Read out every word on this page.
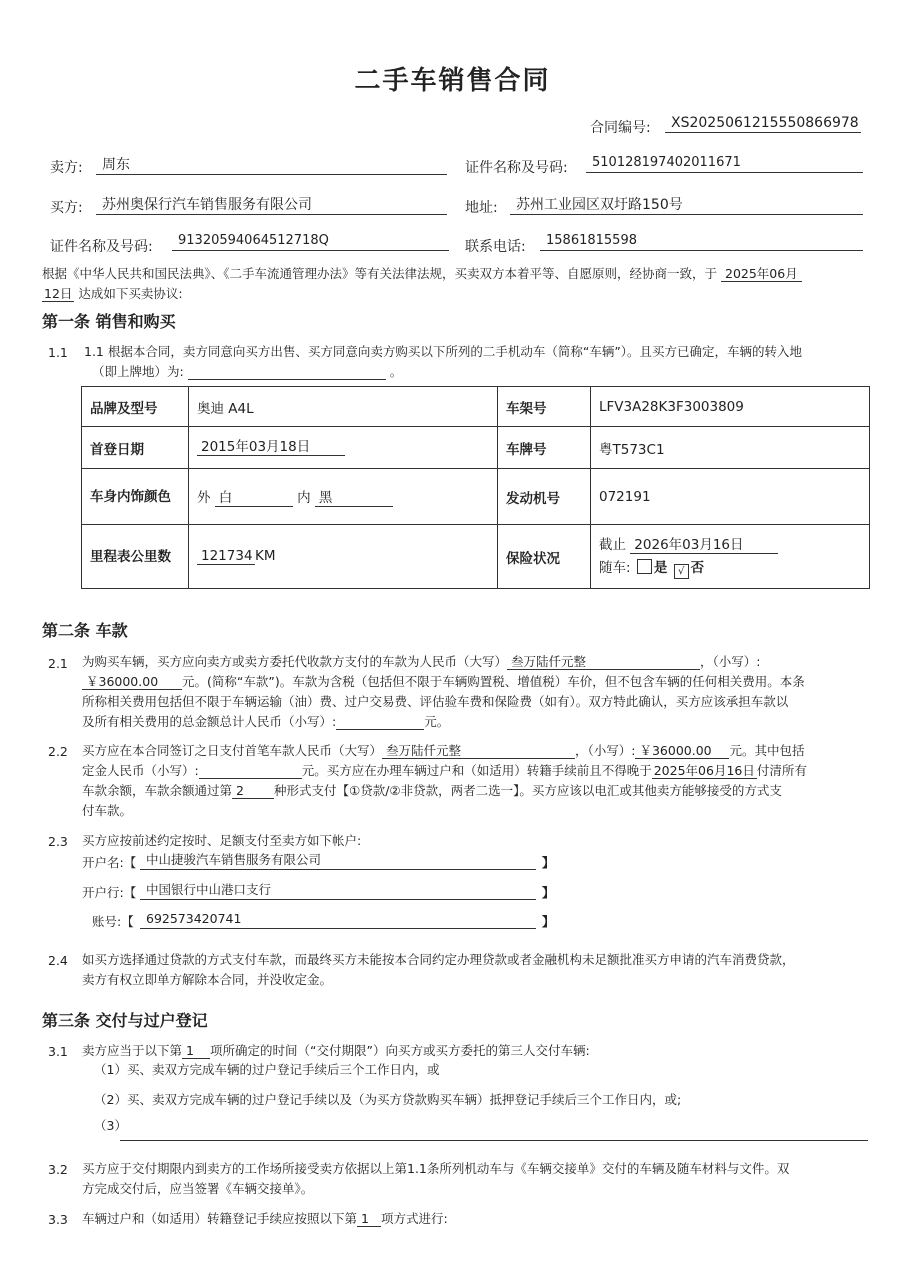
二手车销售合同
合同编号:	XS2025061215550866978
卖方:	周东	证件名称及号码:	510128197402011671
买方:	苏州奥保行汽车销售服务有限公司	地址:	苏州工业园区双圩路150号
证件名称及号码:	91320594064512718Q	联系电话:	15861815598
根据《中华人民共和国民法典》、《二手车流通管理办法》等有关法律法规，买卖双方本着平等、自愿原则，经协商一致，于 2025年06月
12日 达成如下买卖协议:
第一条 销售和购买
1.1 1.1 根据本合同，卖方同意向买方出售、买方同意向卖方购买以下所列的二手机动车（简称“车辆”）。且买方已确定，车辆的转入地
（即上牌地）为:	。
品牌及型号	奥迪 A4L	车架号	LFV3A28K3F3003809
首登日期	2015年03月18日	车牌号	粤T573C1
车身内饰颜色	外 白 内 黑	发动机号	072191
里程表公里数	121734 KM	保险状况	截止 2026年03月16日
随车: 是 √ 否
第二条 车款
2.1 为购买车辆，买方应向卖方或卖方委托代收款方支付的车款为人民币（大写） 叁万陆仟元整	，（小写）:
￥36000.00 元。(简称“车款”)。车款为含税（包括但不限于车辆购置税、增值税）车价，但不包含车辆的任何相关费用。本条
所称相关费用包括但不限于车辆运输（油）费、过户交易费、评估验车费和保险费（如有）。双方特此确认，买方应该承担车款以
及所有相关费用的总金额总计人民币（小写）:	元。
2.2 买方应在本合同签订之日支付首笔车款人民币（大写） 叁万陆仟元整	，（小写）: ￥36000.00 元。其中包括
定金人民币（小写）:	元。买方应在办理车辆过户和（如适用）转籍手续前且不得晚于 2025年06月16日 付清所有
车款余额，车款余额通过第 2 种形式支付【①贷款/②非贷款，两者二选一】。买方应该以电汇或其他卖方能够接受的方式支
付车款。
2.3 买方应按前述约定按时、足额支付至卖方如下帐户:
开户名:【 中山捷骏汽车销售服务有限公司	】
开户行:【 中国银行中山港口支行	】
账号:【 692573420741	】
2.4 如买方选择通过贷款的方式支付车款，而最终买方未能按本合同约定办理贷款或者金融机构未足额批准买方申请的汽车消费贷款，
卖方有权立即单方解除本合同，并没收定金。
第三条 交付与过户登记
3.1 卖方应当于以下第 1 项所确定的时间（“交付期限”）向买方或买方委托的第三人交付车辆:
（1）买、卖双方完成车辆的过户登记手续后三个工作日内，或
（2）买、卖双方完成车辆的过户登记手续以及（为买方贷款购买车辆）抵押登记手续后三个工作日内，或;
（3）
3.2 买方应于交付期限内到卖方的工作场所接受卖方依据以上第1.1条所列机动车与《车辆交接单》交付的车辆及随车材料与文件。双
方完成交付后，应当签署《车辆交接单》。
3.3 车辆过户和（如适用）转籍登记手续应按照以下第 1 项方式进行:
